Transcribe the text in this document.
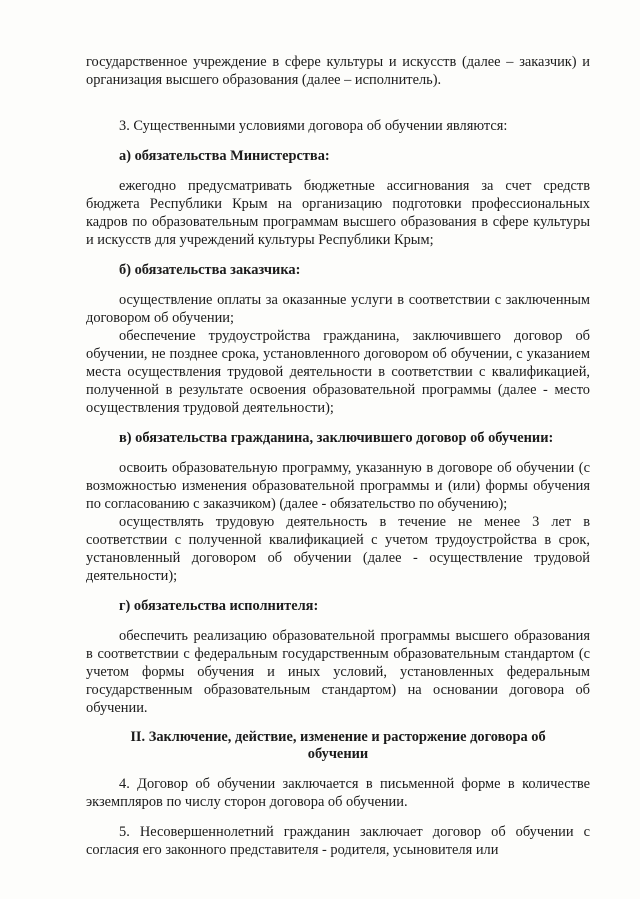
государственное учреждение в сфере культуры и искусств (далее – заказчик) и организация высшего образования (далее – исполнитель).

3. Существенными условиями договора об обучении являются:

а) обязательства Министерства:

ежегодно предусматривать бюджетные ассигнования за счет средств бюджета Республики Крым на организацию подготовки профессиональных кадров по образовательным программам высшего образования в сфере культуры и искусств для учреждений культуры Республики Крым;

б) обязательства заказчика:

осуществление оплаты за оказанные услуги в соответствии с заключенным договором об обучении;

обеспечение трудоустройства гражданина, заключившего договор об обучении, не позднее срока, установленного договором об обучении, с указанием места осуществления трудовой деятельности в соответствии с квалификацией, полученной в результате освоения образовательной программы (далее - место осуществления трудовой деятельности);

в) обязательства гражданина, заключившего договор об обучении:

освоить образовательную программу, указанную в договоре об обучении (с возможностью изменения образовательной программы и (или) формы обучения по согласованию с заказчиком) (далее - обязательство по обучению);

осуществлять трудовую деятельность в течение не менее 3 лет в соответствии с полученной квалификацией с учетом трудоустройства в срок, установленный договором об обучении (далее - осуществление трудовой деятельности);

г) обязательства исполнителя:

обеспечить реализацию образовательной программы высшего образования в соответствии с федеральным государственным образовательным стандартом (с учетом формы обучения и иных условий, установленных федеральным государственным образовательным стандартом) на основании договора об обучении.

II. Заключение, действие, изменение и расторжение договора об обучении

4. Договор об обучении заключается в письменной форме в количестве экземпляров по числу сторон договора об обучении.

5. Несовершеннолетний гражданин заключает договор об обучении с согласия его законного представителя - родителя, усыновителя или
